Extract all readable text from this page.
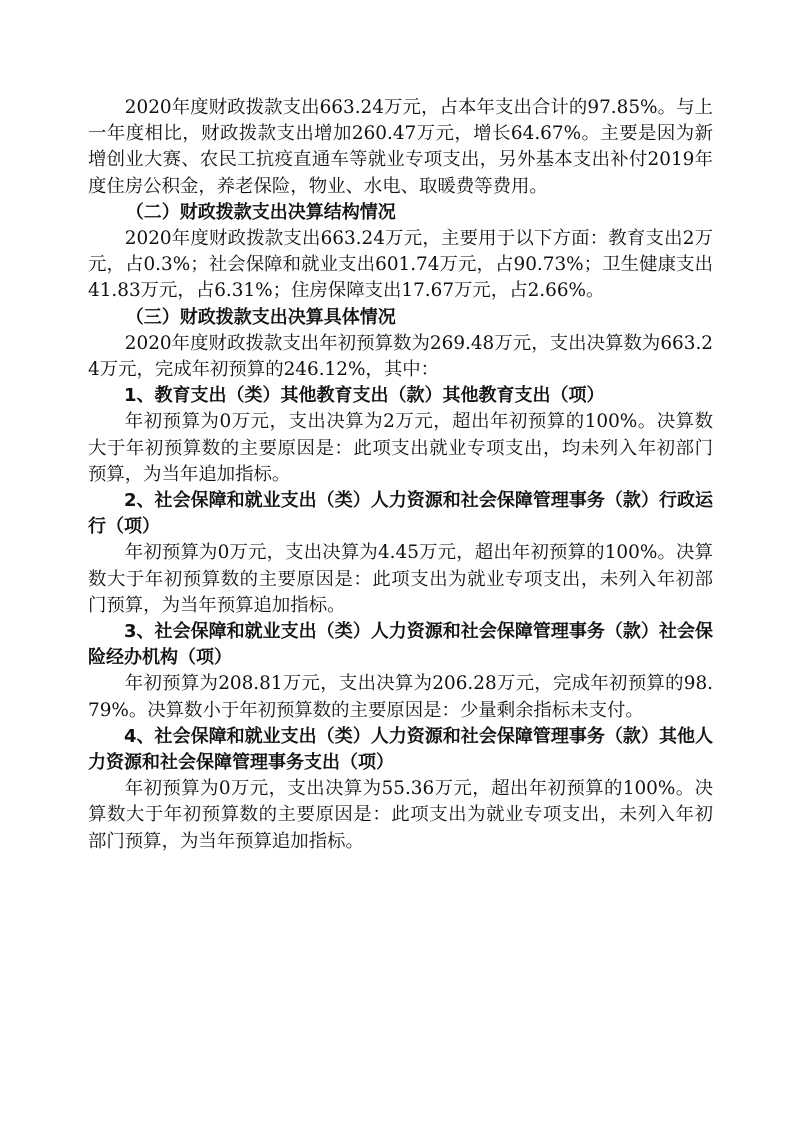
2020年度财政拨款支出663.24万元，占本年支出合计的97.85%。与上一年度相比，财政拨款支出增加260.47万元，增长64.67%。主要是因为新增创业大赛、农民工抗疫直通车等就业专项支出，另外基本支出补付2019年度住房公积金，养老保险，物业、水电、取暖费等费用。

（二）财政拨款支出决算结构情况

2020年度财政拨款支出663.24万元，主要用于以下方面：教育支出2万元，占0.3%；社会保障和就业支出601.74万元，占90.73%；卫生健康支出41.83万元，占6.31%；住房保障支出17.67万元，占2.66%。

（三）财政拨款支出决算具体情况

2020年度财政拨款支出年初预算数为269.48万元，支出决算数为663.24万元，完成年初预算的246.12%，其中：

1、教育支出（类）其他教育支出（款）其他教育支出（项）

年初预算为0万元，支出决算为2万元，超出年初预算的100%。决算数大于年初预算数的主要原因是：此项支出就业专项支出，均未列入年初部门预算，为当年追加指标。

2、社会保障和就业支出（类）人力资源和社会保障管理事务（款）行政运行（项）

年初预算为0万元，支出决算为4.45万元，超出年初预算的100%。决算数大于年初预算数的主要原因是：此项支出为就业专项支出，未列入年初部门预算，为当年预算追加指标。

3、社会保障和就业支出（类）人力资源和社会保障管理事务（款）社会保险经办机构（项）

年初预算为208.81万元，支出决算为206.28万元，完成年初预算的98.79%。决算数小于年初预算数的主要原因是：少量剩余指标未支付。

4、社会保障和就业支出（类）人力资源和社会保障管理事务（款）其他人力资源和社会保障管理事务支出（项）

年初预算为0万元，支出决算为55.36万元，超出年初预算的100%。决算数大于年初预算数的主要原因是：此项支出为就业专项支出，未列入年初部门预算，为当年预算追加指标。
